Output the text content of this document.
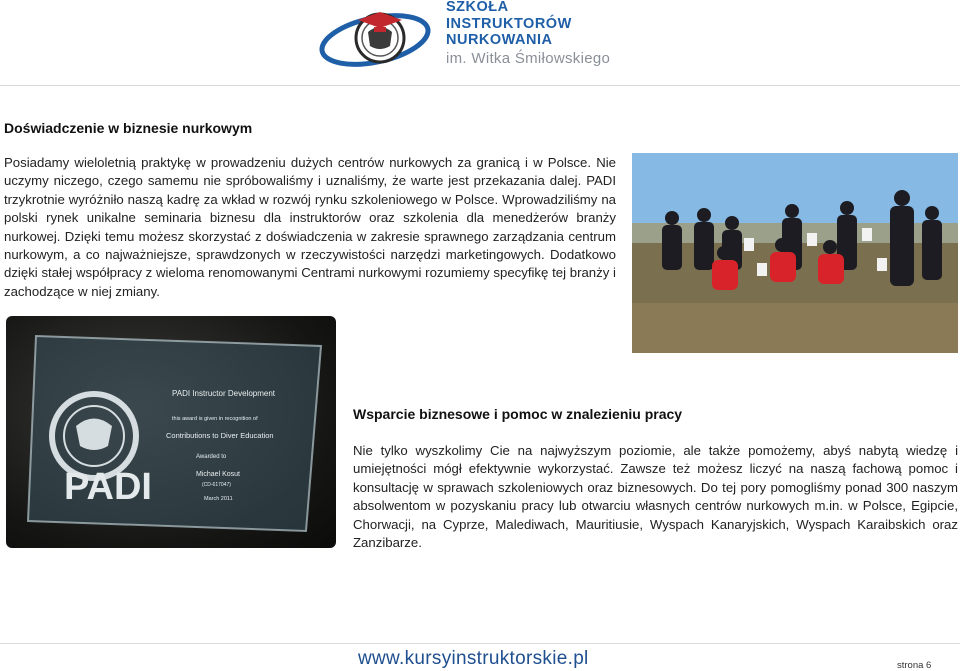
SZKOŁA
INSTRUKTORÓW
NURKOWANIA
im. Witka Śmiłowskiego
Doświadczenie w biznesie nurkowym

Posiadamy wieloletnią praktykę w prowadzeniu dużych centrów nurkowych za granicą i w Polsce. Nie uczymy niczego, czego samemu nie spróbowaliśmy i uznaliśmy, że warte jest przekazania dalej. PADI trzykrotnie wyróżniło naszą kadrę za wkład w rozwój rynku szkoleniowego w Polsce. Wprowadziliśmy na polski rynek unikalne seminaria biznesu dla instruktorów oraz szkolenia dla menedżerów branży nurkowej. Dzięki temu możesz skorzystać z doświadczenia w zakresie sprawnego zarządzania centrum nurkowym, a co najważniejsze, sprawdzonych w rzeczywistości narzędzi marketingowych. Dodatkowo dzięki stałej współpracy z wieloma renomowanymi Centrami nurkowymi rozumiemy specyfikę tej branży i zachodzące w niej zmiany.

PADI
PADI Instructor Development
this award is given in recognition of
Contributions to Diver Education
Awarded to
Michael Kosut
(CD-617047)
March 2011
Wsparcie biznesowe i pomoc w znalezieniu pracy

Nie tylko wyszkolimy Cie na najwyższym poziomie, ale także pomożemy, abyś nabytą wiedzę i umiejętności mógł efektywnie wykorzystać. Zawsze też możesz liczyć na naszą fachową pomoc i konsultację w sprawach szkoleniowych oraz biznesowych. Do tej pory pomogliśmy ponad 300 naszym absolwentom w pozyskaniu pracy lub otwarciu własnych centrów nurkowych m.in. w Polsce, Egipcie, Chorwacji, na Cyprze, Malediwach, Mauritiusie, Wyspach Kanaryjskich, Wyspach Karaibskich oraz Zanzibarze.

www.kursyinstruktorskie.pl	strona 6
